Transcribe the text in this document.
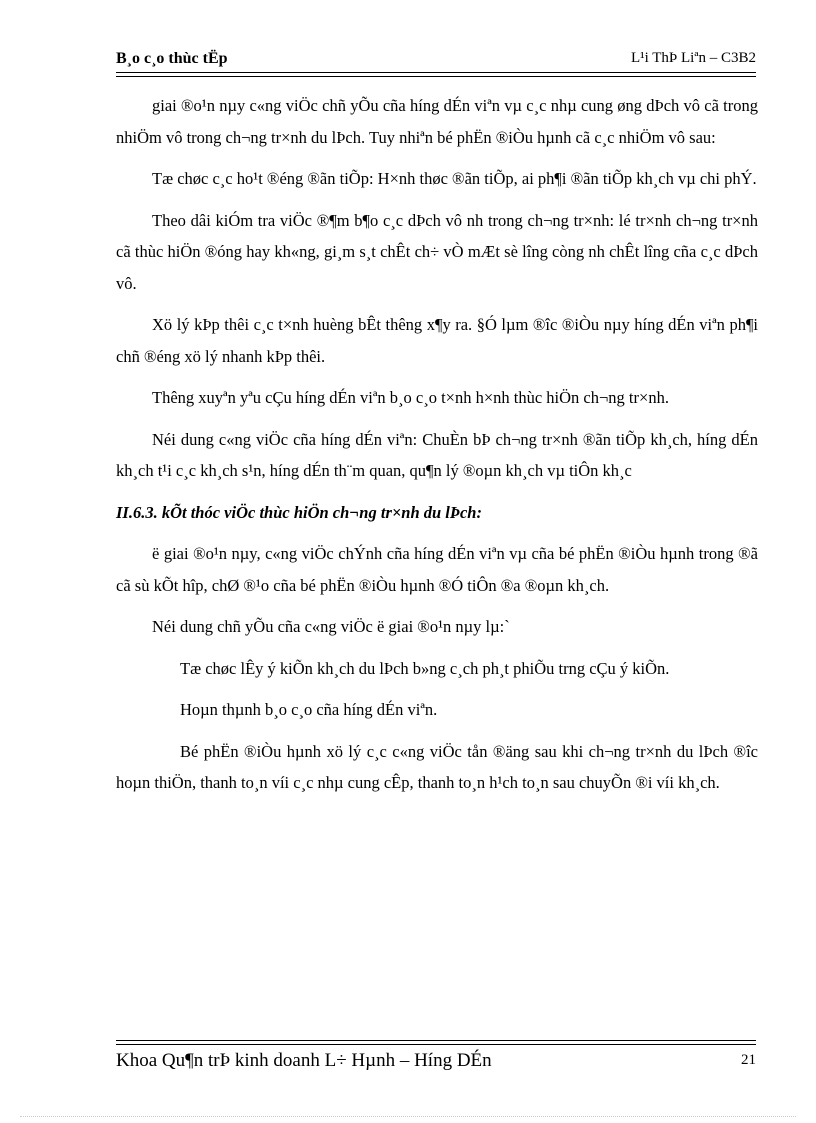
B¸o c¸o thùc tËp	L¹i ThÞ Liªn – C3B2

giai ®o¹n nµy c«ng viÖc chñ yÕu cña híng dÉn viªn vµ c¸c nhµ cung øng dÞch vô cã trong nhiÖm vô trong ch¬ng tr×nh du lÞch. Tuy nhiªn bé phËn ®iÒu hµnh cã c¸c nhiÖm vô sau:

Tæ chøc c¸c ho¹t ®éng ®ãn tiÕp: H×nh thøc ®ãn tiÕp, ai ph¶i ®ãn tiÕp kh¸ch vµ chi phÝ.

Theo dâi kiÓm tra viÖc ®¶m b¶o c¸c dÞch vô nh trong ch¬ng tr×nh: lé tr×nh ch¬ng tr×nh cã thùc hiÖn ®óng hay kh«ng, gi¸m s¸t chÊt ch÷ vÒ mÆt sè lîng còng nh chÊt lîng cña c¸c dÞch vô.

Xö lý kÞp thêi c¸c t×nh huèng bÊt thêng x¶y ra. §Ó lµm ®îc ®iÒu nµy híng dÉn viªn ph¶i chñ ®éng xö lý nhanh kÞp thêi.

Thêng xuyªn yªu cÇu híng dÉn viªn b¸o c¸o t×nh h×nh thùc hiÖn ch¬ng tr×nh.

Néi dung c«ng viÖc cña híng dÉn viªn: ChuÈn bÞ ch¬ng tr×nh ®ãn tiÕp kh¸ch, híng dÉn kh¸ch t¹i c¸c kh¸ch s¹n, híng dÉn th¨m quan, qu¶n lý ®oµn kh¸ch vµ tiÔn kh¸c

II.6.3. kÕt thóc viÖc thùc hiÖn ch¬ng tr×nh du lÞch:

ë giai ®o¹n nµy, c«ng viÖc chÝnh cña híng dÉn viªn vµ cña bé phËn ®iÒu hµnh trong ®ã cã sù kÕt hîp, chØ ®¹o cña bé phËn ®iÒu hµnh ®Ó tiÔn ®a ®oµn kh¸ch.

Néi dung chñ yÕu cña c«ng viÖc ë giai ®o¹n nµy lµ:`

Tæ chøc lÊy ý kiÕn kh¸ch du lÞch b»ng c¸ch ph¸t phiÕu trng cÇu ý kiÕn.

Hoµn thµnh b¸o c¸o cña híng dÉn viªn.

Bé phËn ®iÒu hµnh xö lý c¸c c«ng viÖc tån ®äng sau khi ch¬ng tr×nh du lÞch ®îc hoµn thiÖn, thanh to¸n víi c¸c nhµ cung cÊp, thanh to¸n h¹ch to¸n sau chuyÕn ®i víi kh¸ch.

Khoa Qu¶n trÞ kinh doanh L÷ Hµnh – Híng DÉn	21
